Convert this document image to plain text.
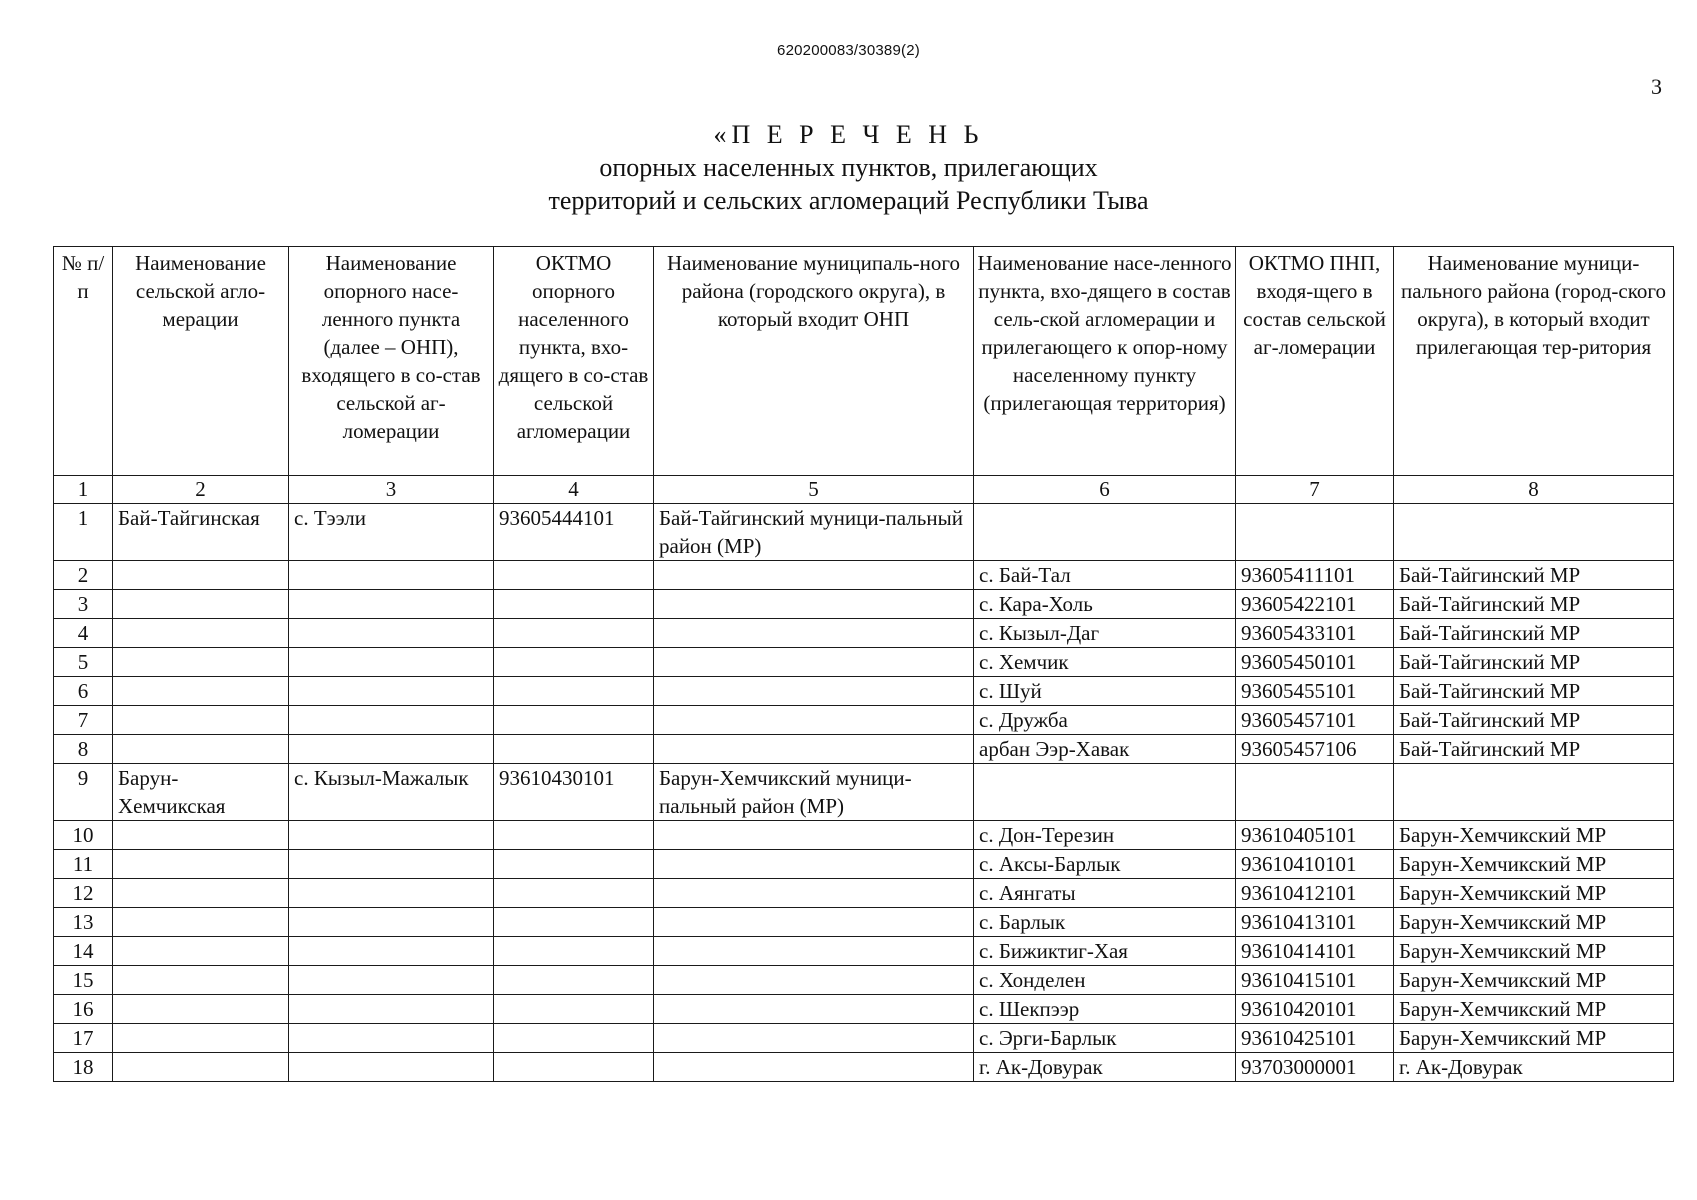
620200083/30389(2)
3
«П Е Р Е Ч Е Н Ь
опорных населенных пунктов, прилегающих
территорий и сельских агломераций Республики Тыва
№ п/п	Наименование сельской агло-мерации	Наименование опорного насе-ленного пункта (далее – ОНП), входящего в со-став сельской аг-ломерации	ОКТМО опорного населенного пункта, вхо-дящего в со-став сельской агломерации	Наименование муниципаль-ного района (городского округа), в который входит ОНП	Наименование насе-ленного пункта, вхо-дящего в состав сель-ской агломерации и прилегающего к опор-ному населенному пункту (прилегающая территория)	ОКТМО ПНП, входя-щего в состав сельской аг-ломерации	Наименование муници-пального района (город-ского округа), в который входит прилегающая тер-ритория
1	2	3	4	5	6	7	8
1	Бай-Тайгинская	с. Тээли	93605444101	Бай-Тайгинский муници-пальный район (МР)			
2					с. Бай-Тал	93605411101	Бай-Тайгинский МР
3					с. Кара-Холь	93605422101	Бай-Тайгинский МР
4					с. Кызыл-Даг	93605433101	Бай-Тайгинский МР
5					с. Хемчик	93605450101	Бай-Тайгинский МР
6					с. Шуй	93605455101	Бай-Тайгинский МР
7					с. Дружба	93605457101	Бай-Тайгинский МР
8					арбан Ээр-Хавак	93605457106	Бай-Тайгинский МР
9	Барун-Хемчикская	с. Кызыл-Мажалык	93610430101	Барун-Хемчикский муници-пальный район (МР)			
10					с. Дон-Терезин	93610405101	Барун-Хемчикский МР
11					с. Аксы-Барлык	93610410101	Барун-Хемчикский МР
12					с. Аянгаты	93610412101	Барун-Хемчикский МР
13					с. Барлык	93610413101	Барун-Хемчикский МР
14					с. Бижиктиг-Хая	93610414101	Барун-Хемчикский МР
15					с. Хонделен	93610415101	Барун-Хемчикский МР
16					с. Шекпээр	93610420101	Барун-Хемчикский МР
17					с. Эрги-Барлык	93610425101	Барун-Хемчикский МР
18					г. Ак-Довурак	93703000001	г. Ак-Довурак
